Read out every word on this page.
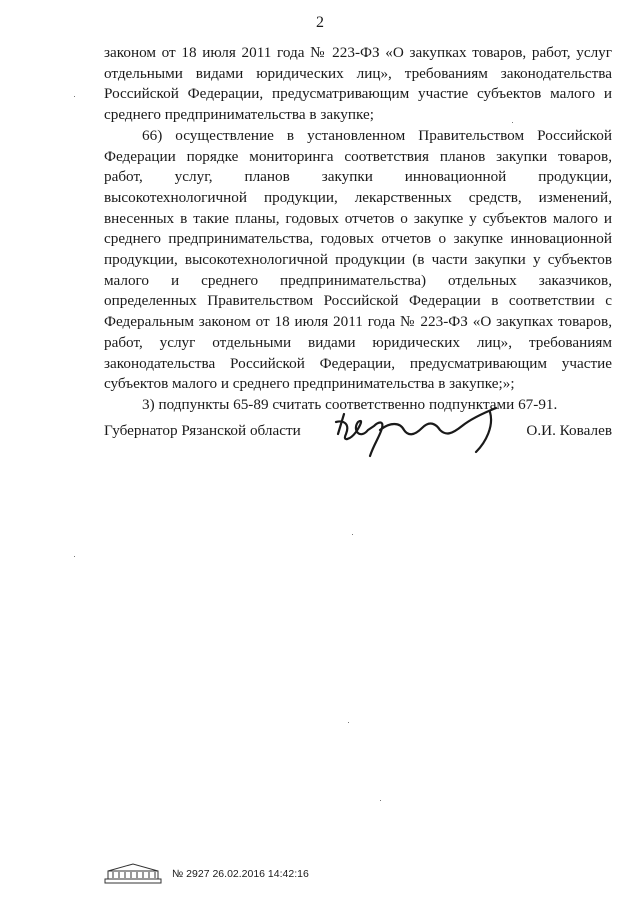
2

законом от 18 июля 2011 года № 223-ФЗ «О закупках товаров, работ, услуг отдельными видами юридических лиц», требованиям законодательства Российской Федерации, предусматривающим участие субъектов малого и среднего предпринимательства в закупке;

66) осуществление в установленном Правительством Российской Федерации порядке мониторинга соответствия планов закупки товаров, работ, услуг, планов закупки инновационной продукции, высокотехнологичной продукции, лекарственных средств, изменений, внесенных в такие планы, годовых отчетов о закупке у субъектов малого и среднего предпринимательства, годовых отчетов о закупке инновационной продукции, высокотехнологичной продукции (в части закупки у субъектов малого и среднего предпринимательства) отдельных заказчиков, определенных Правительством Российской Федерации в соответствии с Федеральным законом от 18 июля 2011 года № 223-ФЗ «О закупках товаров, работ, услуг отдельными видами юридических лиц», требованиям законодательства Российской Федерации, предусматривающим участие субъектов малого и среднего предпринимательства в закупке;»;

3) подпункты 65-89 считать соответственно подпунктами 67-91.

Губернатор Рязанской области	О.И. Ковалев
№ 2927 26.02.2016 14:42:16
